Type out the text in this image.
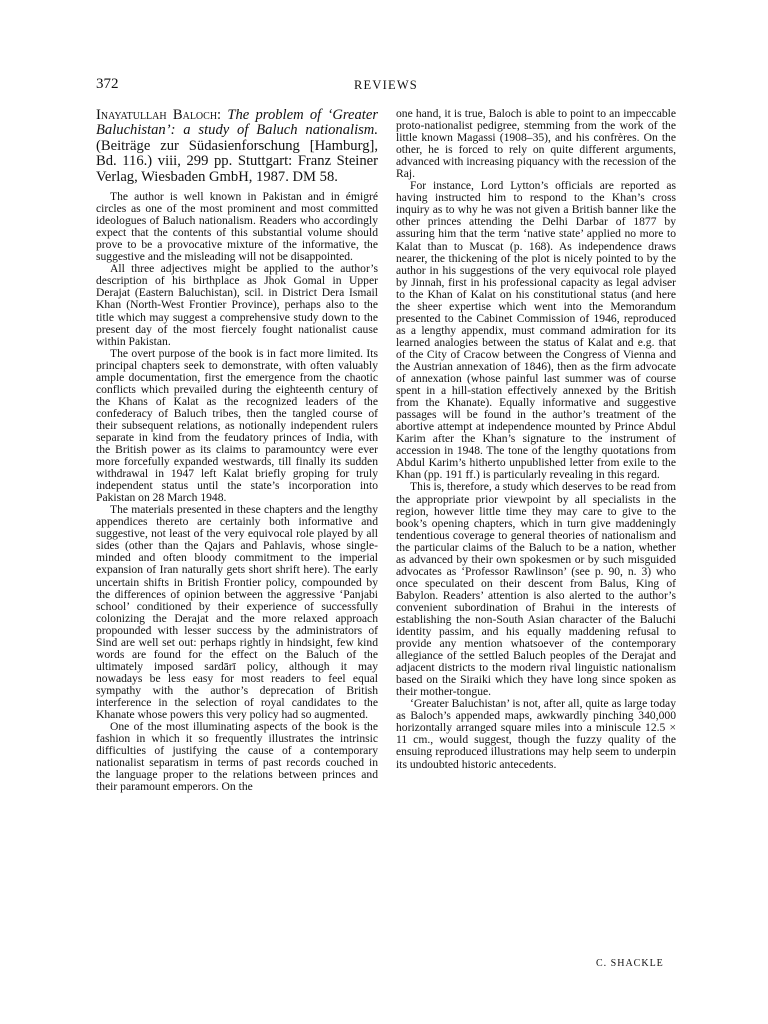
372	REVIEWS

Inayatullah Baloch: The problem of ‘Greater Baluchistan’: a study of Baluch nationalism. (Beiträge zur Südasienforschung [Hamburg], Bd. 116.) viii, 299 pp. Stuttgart: Franz Steiner Verlag, Wiesbaden GmbH, 1987. DM 58.

The author is well known in Pakistan and in émigré circles as one of the most prominent and most committed ideologues of Baluch nationalism. Readers who accordingly expect that the contents of this substantial volume should prove to be a provocative mixture of the informative, the suggestive and the misleading will not be disappointed.

All three adjectives might be applied to the author’s description of his birthplace as Jhok Gomal in Upper Derajat (Eastern Baluchistan), scil. in District Dera Ismail Khan (North-West Frontier Province), perhaps also to the title which may suggest a comprehensive study down to the present day of the most fiercely fought nationalist cause within Pakistan.

The overt purpose of the book is in fact more limited. Its principal chapters seek to demonstrate, with often valuably ample documentation, first the emergence from the chaotic conflicts which prevailed during the eighteenth century of the Khans of Kalat as the recognized leaders of the confederacy of Baluch tribes, then the tangled course of their subsequent relations, as notionally independent rulers separate in kind from the feudatory princes of India, with the British power as its claims to paramountcy were ever more forcefully expanded westwards, till finally its sudden withdrawal in 1947 left Kalat briefly groping for truly independent status until the state’s incorporation into Pakistan on 28 March 1948.

The materials presented in these chapters and the lengthy appendices thereto are certainly both informative and suggestive, not least of the very equivocal role played by all sides (other than the Qajars and Pahlavis, whose single-minded and often bloody commitment to the imperial expansion of Iran naturally gets short shrift here). The early uncertain shifts in British Frontier policy, compounded by the differences of opinion between the aggressive ‘Panjabi school’ conditioned by their experience of successfully colonizing the Derajat and the more relaxed approach propounded with lesser success by the administrators of Sind are well set out: perhaps rightly in hindsight, few kind words are found for the effect on the Baluch of the ultimately imposed sardārī policy, although it may nowadays be less easy for most readers to feel equal sympathy with the author’s deprecation of British interference in the selection of royal candidates to the Khanate whose powers this very policy had so augmented.

One of the most illuminating aspects of the book is the fashion in which it so frequently illustrates the intrinsic difficulties of justifying the cause of a contemporary nationalist separatism in terms of past records couched in the language proper to the relations between princes and their paramount emperors. On the

one hand, it is true, Baloch is able to point to an impeccable proto-nationalist pedigree, stemming from the work of the little known Magassi (1908–35), and his confrères. On the other, he is forced to rely on quite different arguments, advanced with increasing piquancy with the recession of the Raj.

For instance, Lord Lytton’s officials are reported as having instructed him to respond to the Khan’s cross inquiry as to why he was not given a British banner like the other princes attending the Delhi Darbar of 1877 by assuring him that the term ‘native state’ applied no more to Kalat than to Muscat (p. 168). As independence draws nearer, the thickening of the plot is nicely pointed to by the author in his suggestions of the very equivocal role played by Jinnah, first in his professional capacity as legal adviser to the Khan of Kalat on his constitutional status (and here the sheer expertise which went into the Memorandum presented to the Cabinet Commission of 1946, reproduced as a lengthy appendix, must command admiration for its learned analogies between the status of Kalat and e.g. that of the City of Cracow between the Congress of Vienna and the Austrian annexation of 1846), then as the firm advocate of annexation (whose painful last summer was of course spent in a hill-station effectively annexed by the British from the Khanate). Equally informative and suggestive passages will be found in the author’s treatment of the abortive attempt at independence mounted by Prince Abdul Karim after the Khan’s signature to the instrument of accession in 1948. The tone of the lengthy quotations from Abdul Karim’s hitherto unpublished letter from exile to the Khan (pp. 191 ff.) is particularly revealing in this regard.

This is, therefore, a study which deserves to be read from the appropriate prior viewpoint by all specialists in the region, however little time they may care to give to the book’s opening chapters, which in turn give maddeningly tendentious coverage to general theories of nationalism and the particular claims of the Baluch to be a nation, whether as advanced by their own spokesmen or by such misguided advocates as ‘Professor Rawlinson’ (see p. 90, n. 3) who once speculated on their descent from Balus, King of Babylon. Readers’ attention is also alerted to the author’s convenient subordination of Brahui in the interests of establishing the non-South Asian character of the Baluchi identity passim, and his equally maddening refusal to provide any mention whatsoever of the contemporary allegiance of the settled Baluch peoples of the Derajat and adjacent districts to the modern rival linguistic nationalism based on the Siraiki which they have long since spoken as their mother-tongue.

‘Greater Baluchistan’ is not, after all, quite as large today as Baloch’s appended maps, awkwardly pinching 340,000 horizontally arranged square miles into a miniscule 12.5 × 11 cm., would suggest, though the fuzzy quality of the ensuing reproduced illustrations may help seem to underpin its undoubted historic antecedents.

C. SHACKLE
